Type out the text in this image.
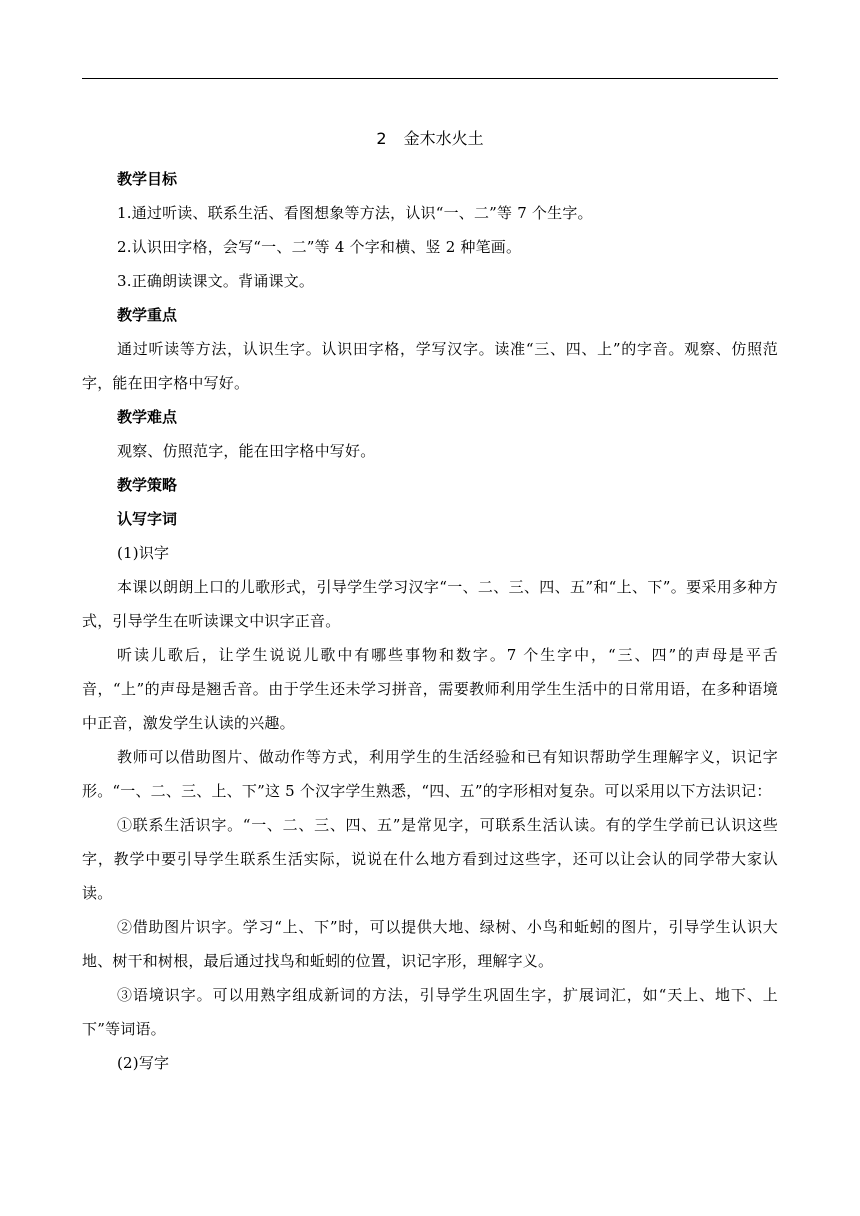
2 金木水火土

教学目标

1.通过听读、联系生活、看图想象等方法，认识“一、二”等 7 个生字。

2.认识田字格，会写“一、二”等 4 个字和横、竖 2 种笔画。

3.正确朗读课文。背诵课文。

教学重点

通过听读等方法，认识生字。认识田字格，学写汉字。读准“三、四、上”的字音。观察、仿照范字，能在田字格中写好。

教学难点

观察、仿照范字，能在田字格中写好。

教学策略

认写字词

(1)识字

本课以朗朗上口的儿歌形式，引导学生学习汉字“一、二、三、四、五”和“上、下”。要采用多种方式，引导学生在听读课文中识字正音。

听读儿歌后，让学生说说儿歌中有哪些事物和数字。7 个生字中，“三、四”的声母是平舌音，“上”的声母是翘舌音。由于学生还未学习拼音，需要教师利用学生生活中的日常用语，在多种语境中正音，激发学生认读的兴趣。

教师可以借助图片、做动作等方式，利用学生的生活经验和已有知识帮助学生理解字义，识记字形。“一、二、三、上、下”这 5 个汉字学生熟悉，“四、五”的字形相对复杂。可以采用以下方法识记：

①联系生活识字。“一、二、三、四、五”是常见字，可联系生活认读。有的学生学前已认识这些字，教学中要引导学生联系生活实际，说说在什么地方看到过这些字，还可以让会认的同学带大家认读。

②借助图片识字。学习“上、下”时，可以提供大地、绿树、小鸟和蚯蚓的图片，引导学生认识大地、树干和树根，最后通过找鸟和蚯蚓的位置，识记字形，理解字义。

③语境识字。可以用熟字组成新词的方法，引导学生巩固生字，扩展词汇，如“天上、地下、上下”等词语。

(2)写字
